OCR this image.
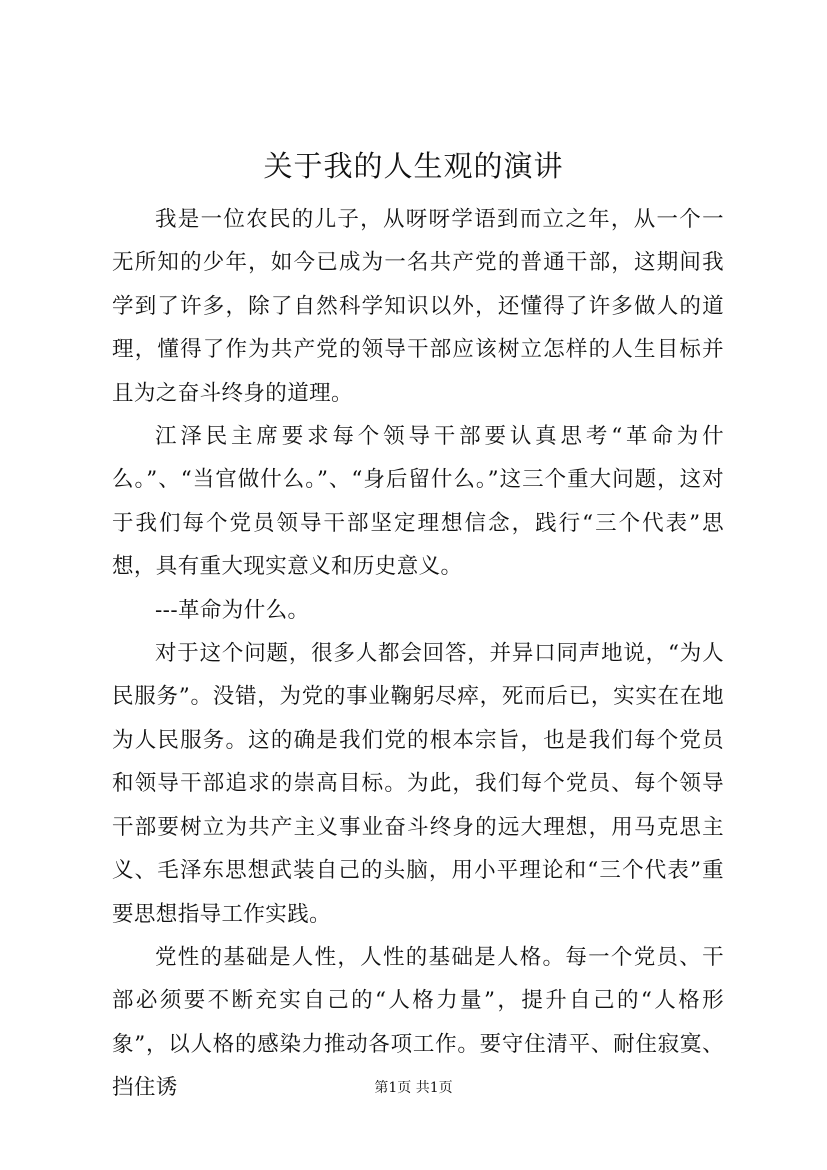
关于我的人生观的演讲

我是一位农民的儿子，从呀呀学语到而立之年，从一个一无所知的少年，如今已成为一名共产党的普通干部，这期间我学到了许多，除了自然科学知识以外，还懂得了许多做人的道理，懂得了作为共产党的领导干部应该树立怎样的人生目标并且为之奋斗终身的道理。

江泽民主席要求每个领导干部要认真思考“革命为什么。”、“当官做什么。”、“身后留什么。”这三个重大问题，这对于我们每个党员领导干部坚定理想信念，践行“三个代表”思想，具有重大现实意义和历史意义。

---革命为什么。

对于这个问题，很多人都会回答，并异口同声地说，“为人民服务”。没错，为党的事业鞠躬尽瘁，死而后已，实实在在地为人民服务。这的确是我们党的根本宗旨，也是我们每个党员和领导干部追求的崇高目标。为此，我们每个党员、每个领导干部要树立为共产主义事业奋斗终身的远大理想，用马克思主义、毛泽东思想武装自己的头脑，用小平理论和“三个代表”重要思想指导工作实践。

党性的基础是人性，人性的基础是人格。每一个党员、干部必须要不断充实自己的“人格力量”，提升自己的“人格形象”，以人格的感染力推动各项工作。要守住清平、耐住寂寞、挡住诱	第1页 共1页
